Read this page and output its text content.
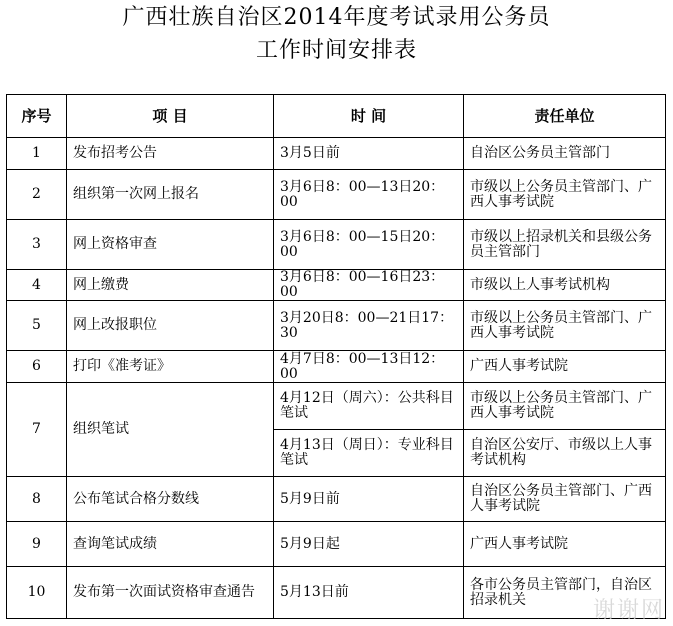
广西壮族自治区2014年度考试录用公务员
工作时间安排表
序号	项 目	时 间	责任单位
1	发布招考公告	3月5日前	自治区公务员主管部门
2	组织第一次网上报名	3月6日8：00—13日20：00	市级以上公务员主管部门、广西人事考试院
3	网上资格审查	3月6日8：00—15日20：00	市级以上招录机关和县级公务员主管部门
4	网上缴费	3月6日8：00—16日23：00	市级以上人事考试机构
5	网上改报职位	3月20日8：00—21日17：30	市级以上公务员主管部门、广西人事考试院
6	打印《准考证》	4月7日8：00—13日12：00	广西人事考试院
7	组织笔试	4月12日（周六）：公共科目笔试	市级以上公务员主管部门、广西人事考试院
		4月13日（周日）：专业科目笔试	自治区公安厅、市级以上人事考试机构
8	公布笔试合格分数线	5月9日前	自治区公务员主管部门、广西人事考试院
9	查询笔试成绩	5月9日起	广西人事考试院
10	发布第一次面试资格审查通告	5月13日前	各市公务员主管部门，自治区招录机关	谢谢网
